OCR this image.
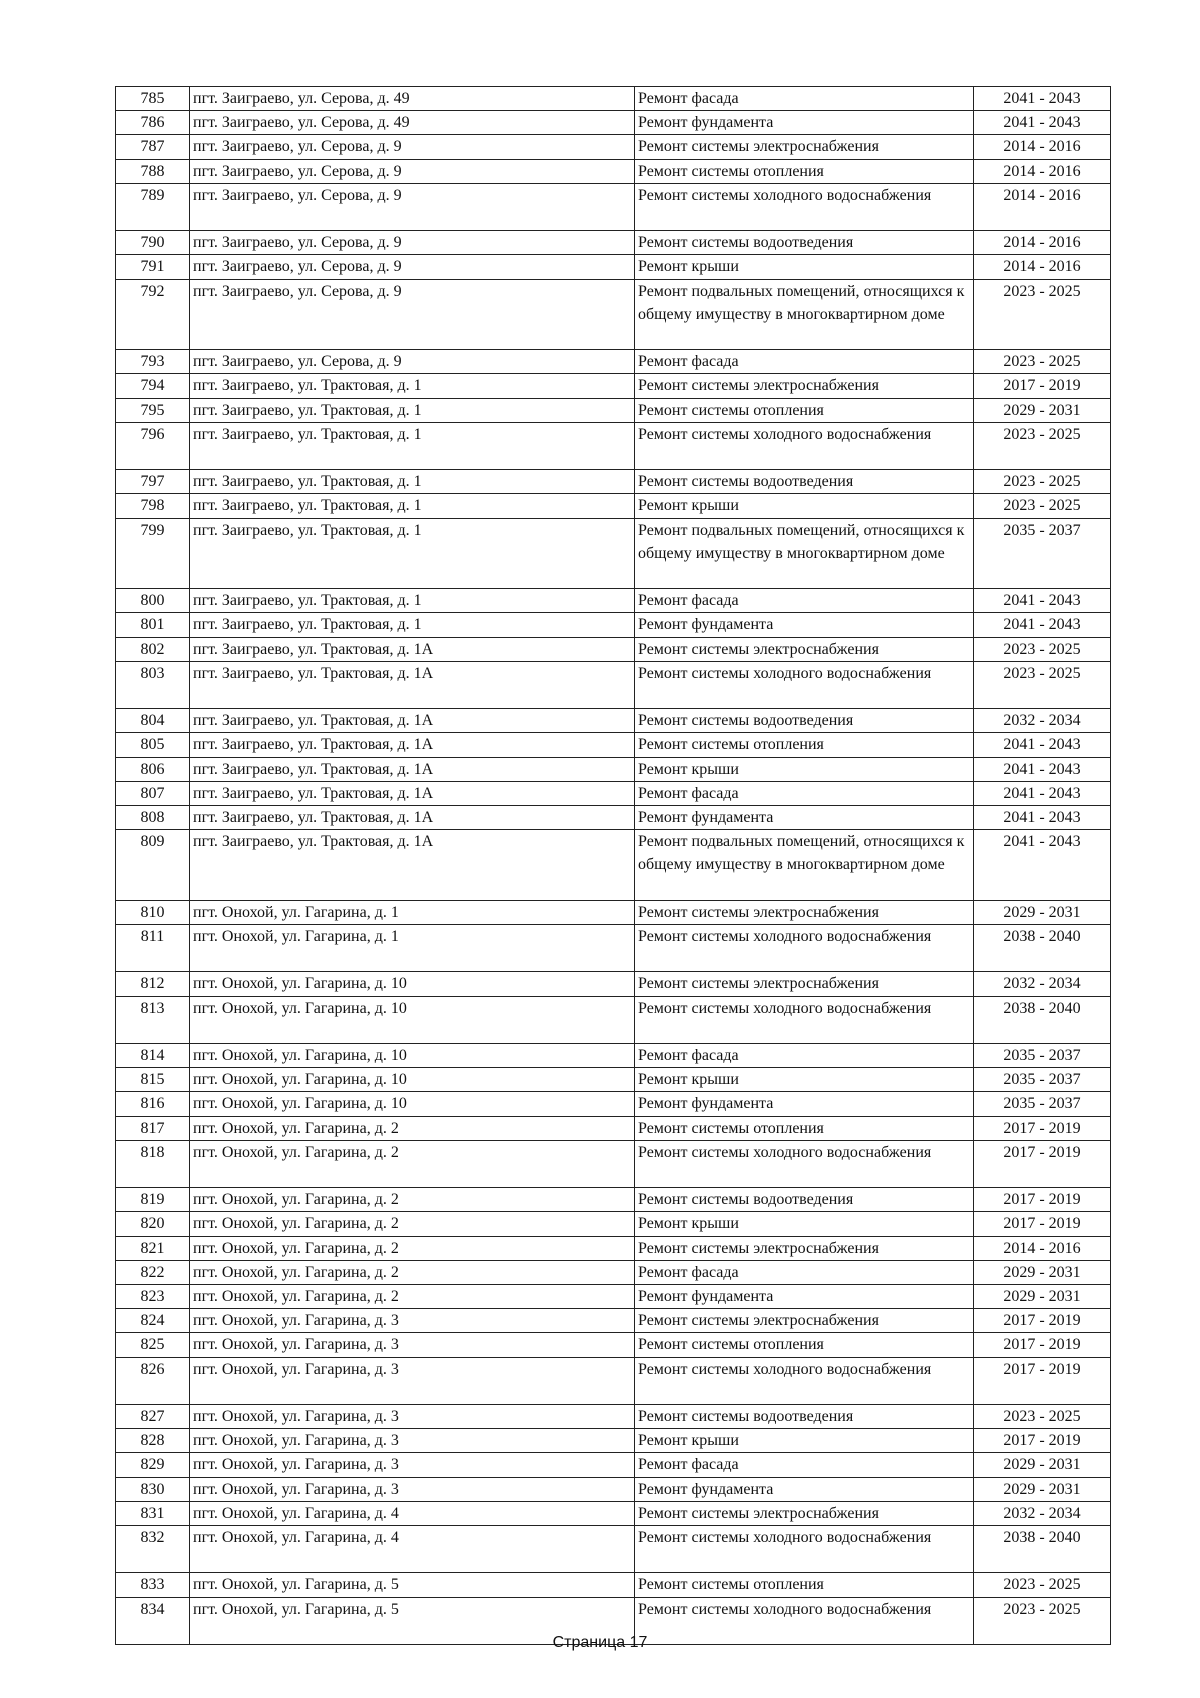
785	пгт. Заиграево, ул. Серова, д. 49	Ремонт фасада	2041 - 2043
786	пгт. Заиграево, ул. Серова, д. 49	Ремонт фундамента	2041 - 2043
787	пгт. Заиграево, ул. Серова, д. 9	Ремонт системы электроснабжения	2014 - 2016
788	пгт. Заиграево, ул. Серова, д. 9	Ремонт системы отопления	2014 - 2016
789	пгт. Заиграево, ул. Серова, д. 9	Ремонт системы холодного водоснабжения	2014 - 2016
790	пгт. Заиграево, ул. Серова, д. 9	Ремонт системы водоотведения	2014 - 2016
791	пгт. Заиграево, ул. Серова, д. 9	Ремонт крыши	2014 - 2016
792	пгт. Заиграево, ул. Серова, д. 9	Ремонт подвальных помещений, относящихся к общему имуществу в многоквартирном доме	2023 - 2025
793	пгт. Заиграево, ул. Серова, д. 9	Ремонт фасада	2023 - 2025
794	пгт. Заиграево, ул. Трактовая, д. 1	Ремонт системы электроснабжения	2017 - 2019
795	пгт. Заиграево, ул. Трактовая, д. 1	Ремонт системы отопления	2029 - 2031
796	пгт. Заиграево, ул. Трактовая, д. 1	Ремонт системы холодного водоснабжения	2023 - 2025
797	пгт. Заиграево, ул. Трактовая, д. 1	Ремонт системы водоотведения	2023 - 2025
798	пгт. Заиграево, ул. Трактовая, д. 1	Ремонт крыши	2023 - 2025
799	пгт. Заиграево, ул. Трактовая, д. 1	Ремонт подвальных помещений, относящихся к общему имуществу в многоквартирном доме	2035 - 2037
800	пгт. Заиграево, ул. Трактовая, д. 1	Ремонт фасада	2041 - 2043
801	пгт. Заиграево, ул. Трактовая, д. 1	Ремонт фундамента	2041 - 2043
802	пгт. Заиграево, ул. Трактовая, д. 1А	Ремонт системы электроснабжения	2023 - 2025
803	пгт. Заиграево, ул. Трактовая, д. 1А	Ремонт системы холодного водоснабжения	2023 - 2025
804	пгт. Заиграево, ул. Трактовая, д. 1А	Ремонт системы водоотведения	2032 - 2034
805	пгт. Заиграево, ул. Трактовая, д. 1А	Ремонт системы отопления	2041 - 2043
806	пгт. Заиграево, ул. Трактовая, д. 1А	Ремонт крыши	2041 - 2043
807	пгт. Заиграево, ул. Трактовая, д. 1А	Ремонт фасада	2041 - 2043
808	пгт. Заиграево, ул. Трактовая, д. 1А	Ремонт фундамента	2041 - 2043
809	пгт. Заиграево, ул. Трактовая, д. 1А	Ремонт подвальных помещений, относящихся к общему имуществу в многоквартирном доме	2041 - 2043
810	пгт. Онохой, ул. Гагарина, д. 1	Ремонт системы электроснабжения	2029 - 2031
811	пгт. Онохой, ул. Гагарина, д. 1	Ремонт системы холодного водоснабжения	2038 - 2040
812	пгт. Онохой, ул. Гагарина, д. 10	Ремонт системы электроснабжения	2032 - 2034
813	пгт. Онохой, ул. Гагарина, д. 10	Ремонт системы холодного водоснабжения	2038 - 2040
814	пгт. Онохой, ул. Гагарина, д. 10	Ремонт фасада	2035 - 2037
815	пгт. Онохой, ул. Гагарина, д. 10	Ремонт крыши	2035 - 2037
816	пгт. Онохой, ул. Гагарина, д. 10	Ремонт фундамента	2035 - 2037
817	пгт. Онохой, ул. Гагарина, д. 2	Ремонт системы отопления	2017 - 2019
818	пгт. Онохой, ул. Гагарина, д. 2	Ремонт системы холодного водоснабжения	2017 - 2019
819	пгт. Онохой, ул. Гагарина, д. 2	Ремонт системы водоотведения	2017 - 2019
820	пгт. Онохой, ул. Гагарина, д. 2	Ремонт крыши	2017 - 2019
821	пгт. Онохой, ул. Гагарина, д. 2	Ремонт системы электроснабжения	2014 - 2016
822	пгт. Онохой, ул. Гагарина, д. 2	Ремонт фасада	2029 - 2031
823	пгт. Онохой, ул. Гагарина, д. 2	Ремонт фундамента	2029 - 2031
824	пгт. Онохой, ул. Гагарина, д. 3	Ремонт системы электроснабжения	2017 - 2019
825	пгт. Онохой, ул. Гагарина, д. 3	Ремонт системы отопления	2017 - 2019
826	пгт. Онохой, ул. Гагарина, д. 3	Ремонт системы холодного водоснабжения	2017 - 2019
827	пгт. Онохой, ул. Гагарина, д. 3	Ремонт системы водоотведения	2023 - 2025
828	пгт. Онохой, ул. Гагарина, д. 3	Ремонт крыши	2017 - 2019
829	пгт. Онохой, ул. Гагарина, д. 3	Ремонт фасада	2029 - 2031
830	пгт. Онохой, ул. Гагарина, д. 3	Ремонт фундамента	2029 - 2031
831	пгт. Онохой, ул. Гагарина, д. 4	Ремонт системы электроснабжения	2032 - 2034
832	пгт. Онохой, ул. Гагарина, д. 4	Ремонт системы холодного водоснабжения	2038 - 2040
833	пгт. Онохой, ул. Гагарина, д. 5	Ремонт системы отопления	2023 - 2025
834	пгт. Онохой, ул. Гагарина, д. 5	Ремонт системы холодного водоснабжения	2023 - 2025
Страница 17
